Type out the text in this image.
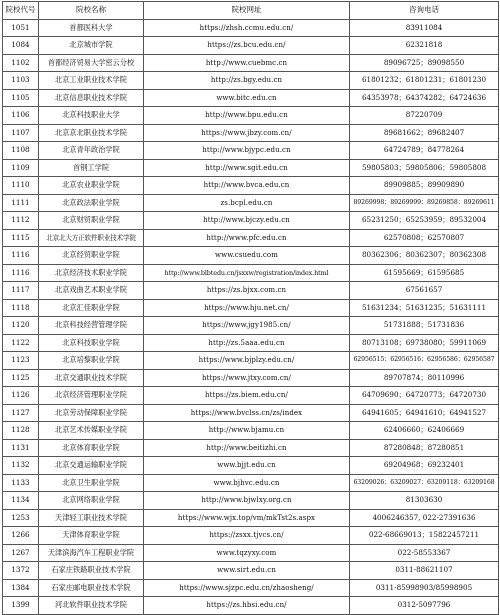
院校代号	院校名称	院校网址	咨询电话
1051	首都医科大学	https://zhsh.ccmu.edu.cn/	83911084
1084	北京城市学院	https://zs.bcu.edu.cn/	62321818
1102	首都经济贸易大学密云分校	http://www.cuebmc.cn	89096725；89098550
1103	北京工业职业技术学院	http://zs.bgy.edu.cn	61801232；61801231；61801230
1105	北京信息职业技术学院	www.bitc.edu.cn	64353978；64374282；64724636
1106	北京科技职业大学	http://www.bpu.edu.cn	87220709
1107	北京京北职业技术学院	https://www.jbzy.com.cn/	89681662；89682407
1108	北京青年政治学院	http://www.bjypc.edu.cn	64724789；84778264
1109	首钢工学院	http://www.sgit.edu.cn	59805803；59805806；59805808
1110	北京农业职业学院	http://www.bvca.edu.cn	89909885；89909890
1111	北京政法职业学院	zs.bcpl.edu.cn	89269998；89269999；89269858；89269611
1112	北京财贸职业学院	http://www.bjczy.edu.cn	65231250；65253959；89532004
1115	北京北大方正软件职业技术学院	http://www.pfc.edu.cn	62570808；62570807
1116	北京经贸职业学院	www.csuedu.com	80362306；80362307；80362308
1116	北京经济技术职业学院	http://www.blbtedu.cn/jsxxw/registration/index.html	61595669；61595685
1117	北京戏曲艺术职业学院	https://zs.bjxx.com.cn	67561657
1118	北京汇佳职业学院	https://www.hju.net.cn/	51631234；51631235；51631111
1120	北京科技经营管理学院	https://www.jgy1985.cn/	51731888；51731836
1122	北京科技职业学院	http://zs.5aaa.edu.cn	80713108；69738080；59911069
1123	北京培黎职业学院	https://www.bjplzy.edu.cn/	62956515；62956516；62956586；62956587
1125	北京交通职业技术学院	https://www.jtxy.com.cn/	89707874；80110996
1126	北京经济管理职业学院	https://zs.biem.edu.cn/	64709690；64720773；64720730
1127	北京劳动保障职业学院	https://www.bvclss.cn/zs/index	64941605；64941610；64941527
1128	北京艺术传媒职业学院	http://www.bjamu.cn	62406660；62406669
1131	北京体育职业学院	http://www.beitizhi.cn	87280848；87280851
1132	北京交通运输职业学院	www.bjjt.edu.cn	69204968；69232401
1133	北京卫生职业学院	www.bjhvc.edu.cn	63209026；63209027；63209118；63209168
1134	北京网络职业学院	http://www.bjwlxy.org.cn	81303630
1253	天津轻工职业技术学院	https://www.wjx.top/vm/mkTst2s.aspx	4006246357, 022-27391636
1266	天津体育职业学院	https://zsxx.tjvcs.cn/	022-68669013；15822457211
1267	天津滨海汽车工程职业学院	www.tqzyxy.com	022-58553367
1372	石家庄铁路职业技术学院	www.sirt.edu.cn	0311-88621107
1384	石家庄邮电职业技术学院	https://www.sjzpc.edu.cn/zhaosheng/	0311-85998903/85998905
1399	河北软件职业技术学院	https://zs.hbsi.edu.cn/	0312-5097796
